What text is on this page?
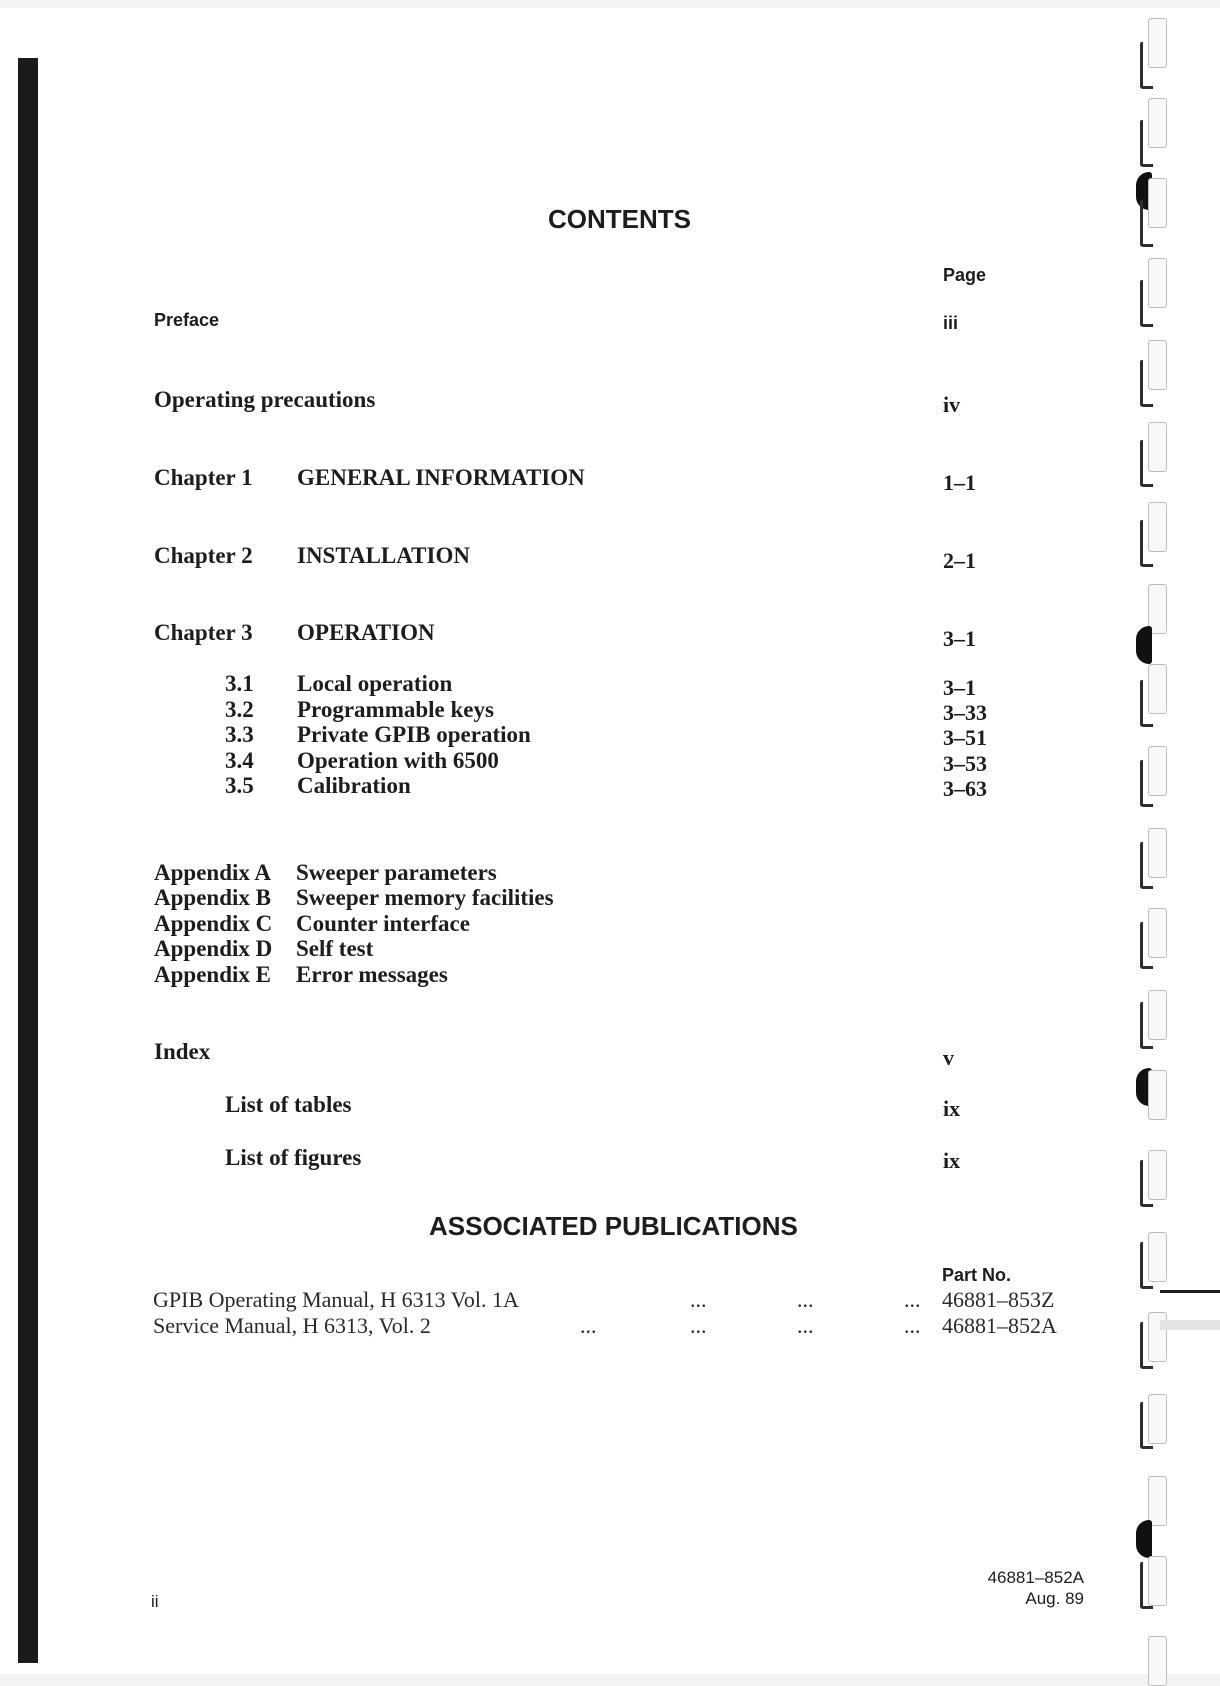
CONTENTS
Page
Preface	iii
Operating precautions	iv
Chapter 1 GENERAL INFORMATION	1–1
Chapter 2 INSTALLATION	2–1
Chapter 3 OPERATION	3–1
3.1 Local operation	3–1
3.2 Programmable keys	3–33
3.3 Private GPIB operation	3–51
3.4 Operation with 6500	3–53
3.5 Calibration	3–63
Appendix A Sweeper parameters
Appendix B Sweeper memory facilities
Appendix C Counter interface
Appendix D Self test
Appendix E Error messages
Index	v
List of tables	ix
List of figures	ix
ASSOCIATED PUBLICATIONS
Part No.
GPIB Operating Manual, H 6313 Vol. 1A	...	...	... 46881–853Z
Service Manual, H 6313, Vol. 2	...	...	...	... 46881–852A
ii
46881–852A
Aug. 89
